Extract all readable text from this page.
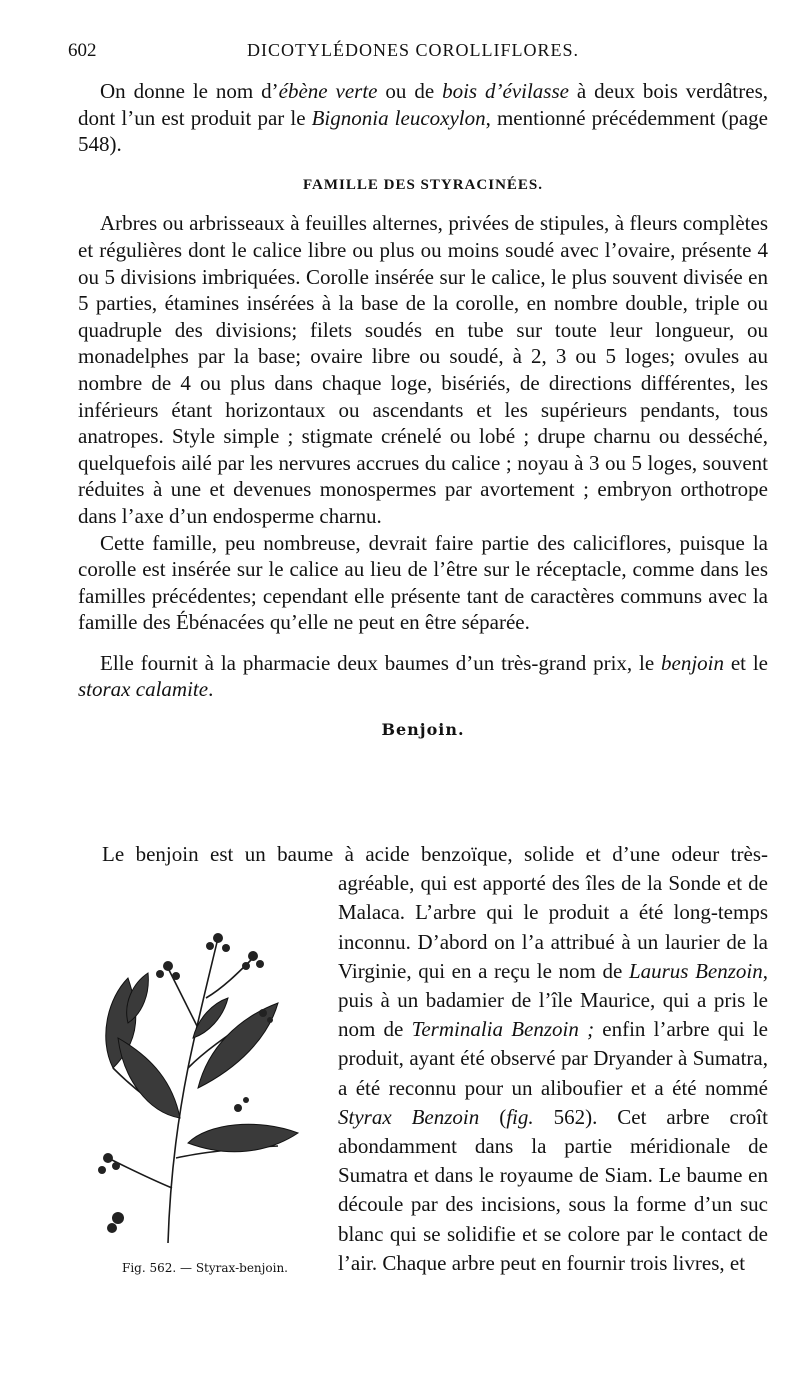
602	DICOTYLÉDONES COROLLIFLORES.

On donne le nom d’ébène verte ou de bois d’évilasse à deux bois verdâtres, dont l’un est produit par le Bignonia leucoxylon, mentionné précédemment (page 548).

FAMILLE DES STYRACINÉES.

Arbres ou arbrisseaux à feuilles alternes, privées de stipules, à fleurs complètes et régulières dont le calice libre ou plus ou moins soudé avec l’ovaire, présente 4 ou 5 divisions imbriquées. Corolle insérée sur le calice, le plus souvent divisée en 5 parties, étamines insérées à la base de la corolle, en nombre double, triple ou quadruple des divisions; filets soudés en tube sur toute leur longueur, ou monadelphes par la base; ovaire libre ou soudé, à 2, 3 ou 5 loges; ovules au nombre de 4 ou plus dans chaque loge, bisériés, de directions différentes, les inférieurs étant horizontaux ou ascendants et les supérieurs pendants, tous anatropes. Style simple ; stigmate crénelé ou lobé ; drupe charnu ou desséché, quelquefois ailé par les nervures accrues du calice ; noyau à 3 ou 5 loges, souvent réduites à une et devenues monospermes par avortement ; embryon orthotrope dans l’axe d’un endosperme charnu.

Cette famille, peu nombreuse, devrait faire partie des caliciflores, puisque la corolle est insérée sur le calice au lieu de l’être sur le réceptacle, comme dans les familles précédentes; cependant elle présente tant de caractères communs avec la famille des Ébénacées qu’elle ne peut en être séparée.

Elle fournit à la pharmacie deux baumes d’un très-grand prix, le benjoin et le storax calamite.

Benjoin.

Fig. 562. — Styrax-benjoin.
Le benjoin est un baume à acide benzoïque, solide et d’une odeur très-agréable, qui est apporté des îles de la Sonde et de Malaca. L’arbre qui le produit a été long-temps inconnu. D’abord on l’a attribué à un laurier de la Virginie, qui en a reçu le nom de Laurus Benzoin, puis à un badamier de l’île Maurice, qui a pris le nom de Terminalia Benzoin ; enfin l’arbre qui le produit, ayant été observé par Dryander à Sumatra, a été reconnu pour un aliboufier et a été nommé Styrax Benzoin (fig. 562). Cet arbre croît abondamment dans la partie méridionale de Sumatra et dans le royaume de Siam. Le baume en découle par des incisions, sous la forme d’un suc blanc qui se solidifie et se colore par le contact de l’air. Chaque arbre peut en fournir trois livres, et
